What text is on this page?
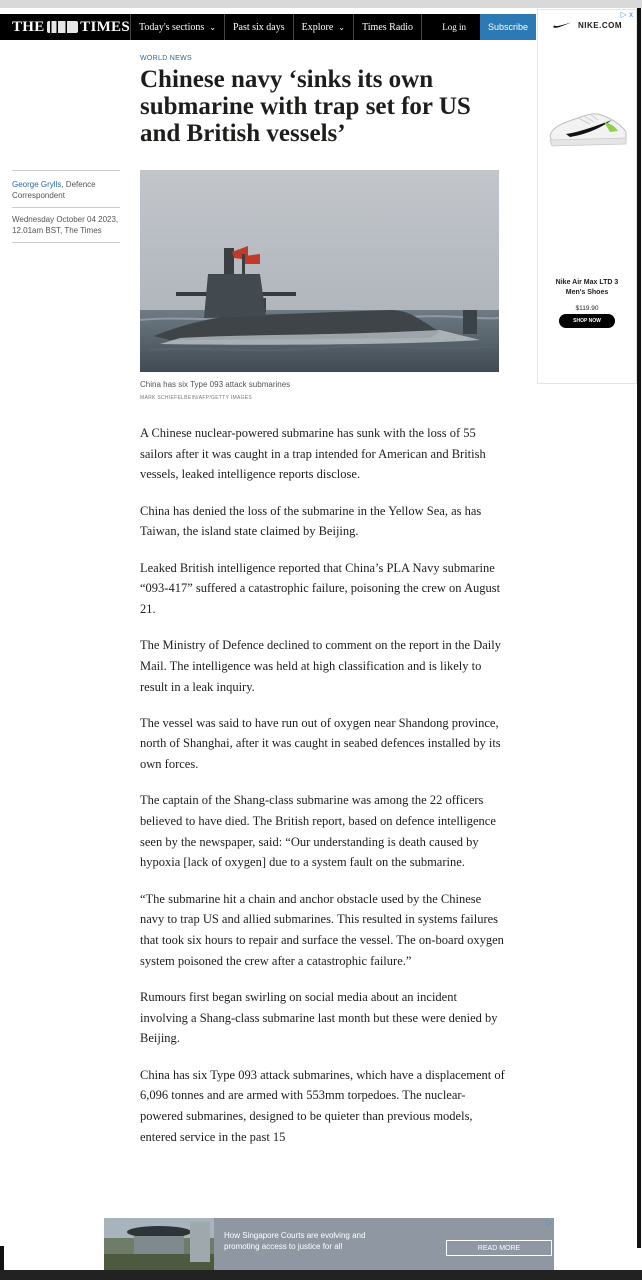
THE TIMES Today's sections ⌄ Past six days Explore ⌄ Times Radio	Log in	Subscribe
▷ x
NIKE.COM
Nike Air Max LTD 3
Men's Shoes
$119.90
SHOP NOW
WORLD NEWS
Chinese navy ‘sinks its own submarine with trap set for US and British vessels’
George Grylls, Defence Correspondent
Wednesday October 04 2023, 12.01am BST, The Times
China has six Type 093 attack submarines
MARK SCHIEFELBEIN/AFP/GETTY IMAGES

A Chinese nuclear-powered submarine has sunk with the loss of 55 sailors after it was caught in a trap intended for American and British vessels, leaked intelligence reports disclose.

China has denied the loss of the submarine in the Yellow Sea, as has Taiwan, the island state claimed by Beijing.

Leaked British intelligence reported that China’s PLA Navy submarine “093-417” suffered a catastrophic failure, poisoning the crew on August 21.

The Ministry of Defence declined to comment on the report in the Daily Mail. The intelligence was held at high classification and is likely to result in a leak inquiry.

The vessel was said to have run out of oxygen near Shandong province, north of Shanghai, after it was caught in seabed defences installed by its own forces.

The captain of the Shang-class submarine was among the 22 officers believed to have died. The British report, based on defence intelligence seen by the newspaper, said: “Our understanding is death caused by hypoxia [lack of oxygen] due to a system fault on the submarine.

“The submarine hit a chain and anchor obstacle used by the Chinese navy to trap US and allied submarines. This resulted in systems failures that took six hours to repair and surface the vessel. The on-board oxygen system poisoned the crew after a catastrophic failure.”

Rumours first began swirling on social media about an incident involving a Shang-class submarine last month but these were denied by Beijing.

China has six Type 093 attack submarines, which have a displacement of 6,096 tonnes and are armed with 553mm torpedoes. The nuclear-powered submarines, designed to be quieter than previous models, entered service in the past 15

How Singapore Courts are evolving and
promoting access to justice for all	READ MORE
▷
